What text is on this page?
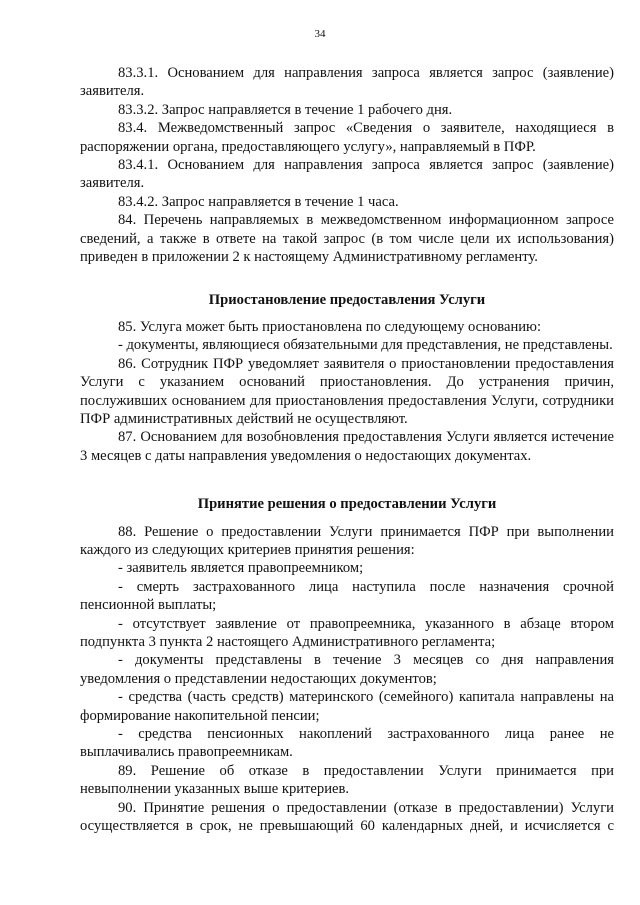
34

83.3.1. Основанием для направления запроса является запрос (заявление) заявителя.

83.3.2. Запрос направляется в течение 1 рабочего дня.

83.4. Межведомственный запрос «Сведения о заявителе, находящиеся в распоряжении органа, предоставляющего услугу», направляемый в ПФР.

83.4.1. Основанием для направления запроса является запрос (заявление) заявителя.

83.4.2. Запрос направляется в течение 1 часа.

84. Перечень направляемых в межведомственном информационном запросе сведений, а также в ответе на такой запрос (в том числе цели их использования) приведен в приложении 2 к настоящему Административному регламенту.

Приостановление предоставления Услуги

85. Услуга может быть приостановлена по следующему основанию:

- документы, являющиеся обязательными для представления, не представлены.

86. Сотрудник ПФР уведомляет заявителя о приостановлении предоставления Услуги с указанием оснований приостановления. До устранения причин, послуживших основанием для приостановления предоставления Услуги, сотрудники ПФР административных действий не осуществляют.

87. Основанием для возобновления предоставления Услуги является истечение 3 месяцев с даты направления уведомления о недостающих документах.

Принятие решения о предоставлении Услуги

88. Решение о предоставлении Услуги принимается ПФР при выполнении каждого из следующих критериев принятия решения:

- заявитель является правопреемником;

- смерть застрахованного лица наступила после назначения срочной пенсионной выплаты;

- отсутствует заявление от правопреемника, указанного в абзаце втором подпункта 3 пункта 2 настоящего Административного регламента;

- документы представлены в течение 3 месяцев со дня направления уведомления о представлении недостающих документов;

- средства (часть средств) материнского (семейного) капитала направлены на формирование накопительной пенсии;

- средства пенсионных накоплений застрахованного лица ранее не выплачивались правопреемникам.

89. Решение об отказе в предоставлении Услуги принимается при невыполнении указанных выше критериев.

90. Принятие решения о предоставлении (отказе в предоставлении) Услуги осуществляется в срок, не превышающий 60 календарных дней, и исчисляется с
